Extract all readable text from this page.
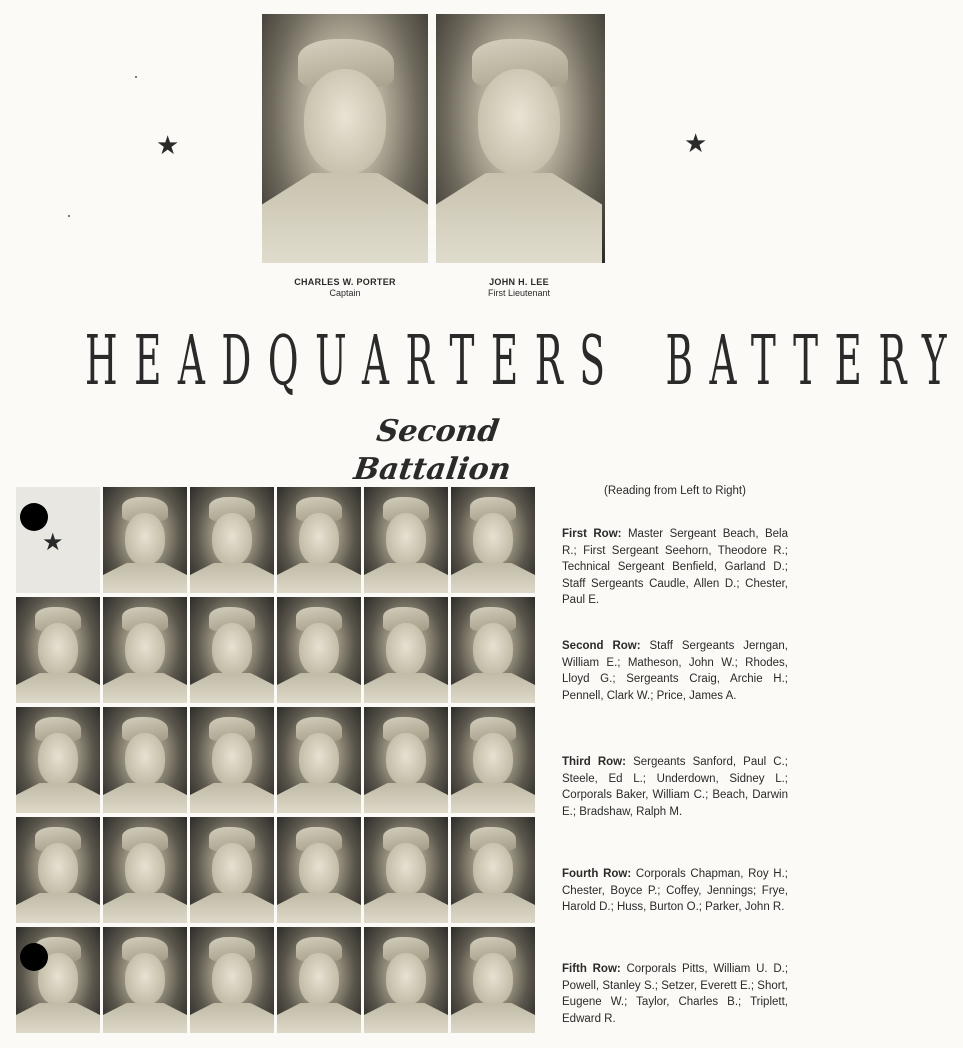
★	★
CHARLES W. PORTER
Captain
JOHN H. LEE
First Lieutenant
HEADQUARTERS BATTERY
Second Battalion
★

(Reading from Left to Right)

First Row: Master Sergeant Beach, Bela R.; First Sergeant Seehorn, Theodore R.; Technical Sergeant Benfield, Garland D.; Staff Sergeants Caudle, Allen D.; Chester, Paul E.

Second Row: Staff Sergeants Jerngan, William E.; Matheson, John W.; Rhodes, Lloyd G.; Sergeants Craig, Archie H.; Pennell, Clark W.; Price, James A.

Third Row: Sergeants Sanford, Paul C.; Steele, Ed L.; Underdown, Sidney L.; Corporals Baker, William C.; Beach, Darwin E.; Bradshaw, Ralph M.

Fourth Row: Corporals Chapman, Roy H.; Chester, Boyce P.; Coffey, Jennings; Frye, Harold D.; Huss, Burton O.; Parker, John R.

Fifth Row: Corporals Pitts, William U. D.; Powell, Stanley S.; Setzer, Everett E.; Short, Eugene W.; Taylor, Charles B.; Triplett, Edward R.
